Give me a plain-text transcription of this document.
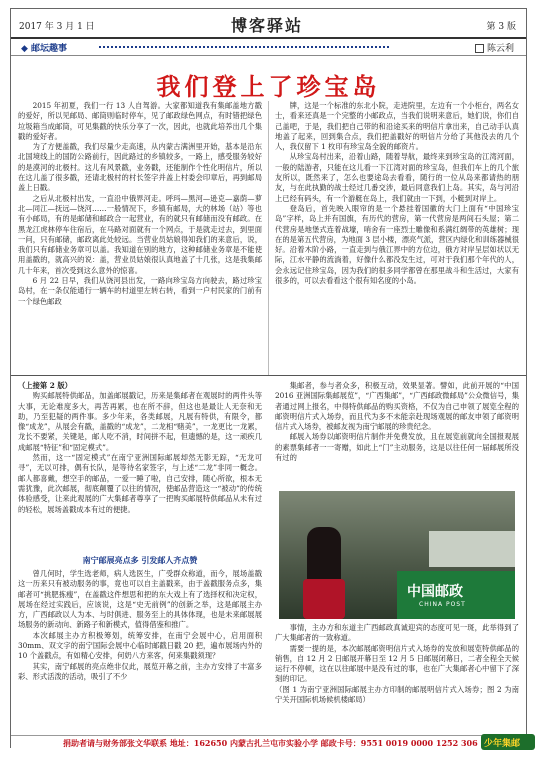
2017 年 3 月 1 日	博客驿站	第 3 版
◆ 邮坛趣事	陈云利
我们登上了珍宝岛

2015 年初夏，我们一行 13 人自驾游。大家都知道我有集邮盖地方戳的爱好，所以见邮局、邮筒则临时停车，见了邮政绿色网点，有时错把绿色垃圾箱当成邮筒，可见集戳的快乐分享了一次，因此，也就此培养出几个集戳的爱好者。

为了方便盖戳，我们尽量少走高速，从内蒙古满洲里开始，基本是沿东北国境线上的国防公路前行，因此路过的乡镇较多，一路上，感受服务较好的是漠河的北极村。这儿有风景戳，业务戳，还能制作个性化明信片，所以在这儿盖了很多戳，还请北极村的村长签字并盖上村委会印章后，再到邮局盖上日戳。

之后从北极村出发，一直沿中俄界河走。呼玛—黑河—逊克—嘉荫—萝北—同江—抚远—饶河……一般情况下，乡镇有邮局，大的林场（站）等也有小邮局，有的是邮储和邮政合一起营业，有的就只有邮储而没有邮政。在黑龙江虎林停车住宿后，在马路对面就有一个网点，于是就走过去，到里面一问，只有邮储，邮政离此处较远。当营业员姑娘得知我们的来意后，说，我们只有邮储业务章可以盖。我知道在别的地方，这种邮储业务章是不能使用盖戳的，就高兴的说：盖，营业员姑娘很认真地盖了十几张，这是我集邮几十年来，首次受到这么意外的惊喜。

6 月 22 日早，我们从饶河县出发，一路向珍宝岛方向驶去，路过珍宝岛村，在一条仅能通行一辆车的村道里左转右转，看到一户村民家的门前有一个绿色邮政

牌，这是一个标准的东北小院，走进院里，左边有一个小柜台，两名女士，看来还真是一个完整的小邮政点，当我们说明来意后，她们说，你们自己盖吧，于是，我们把自己带的和沿途买来的明信片拿出来，自己动手认真地盖了起来，回到集合点，我们把盖戳好的明信片分给了其他没去的几个人，我仅留下 1 枚印有珍宝岛全貌的邮资片。

从珍宝岛村出来，沿着山路，随着导航，最终来到珍宝岛的江湾河面，一般的陆游者，只能在这儿看一下江湾对面的珍宝岛，但我们车上的几个旅友所以，既然来了，怎么也要途岛去看看，随行的一位从岛来都请热的朋友，与在此执勤的战士经过几番交涉，最后同意我们上岛。其实，岛与河沿上已经有码头，有一个游艇在岛上，我们就由一下到，小艇到对岸上。

登岛后，首先映入眼帘的是一个悬挂着国徽的大门上面有“中国珍宝岛”字样，岛上并有国旗，有历代的营房，第一代营房是两间石头屋；第二代营房是地堡式连着战壕，哨舍有一座烈士雕像和系满红绸带的英雄树；现在的是第五代营房，为地面 3 层小楼，漂亮气派，营区内绿化和训练器械很好。沿着木阶小路，一直走到与俄江界中的方位边，俄方对岸呈层如状以无际，江水平静的流淌着，好像什么都没发生过，可对于我们那个年代的人，会永远记住珍宝岛，因为我们的很多同学都曾在那里战斗和生活过，大家有很多的，可以去看看这个很有知名度的小岛。

（上接第 2 版）

购买邮展特供邮品，加盖邮展戳记，历来是集邮者在观展时的两件头等大事，无论难度多大，再苦再累，也在所不辞，但这也是最让人无奈和无助，乃至犯疑的两件事。多少年来，各类邮展，凡展有特供，有限令，都像“成龙”，从展会有戳，盖戳的“成龙”，二龙相“赌美”，一龙更比一龙累，龙长不要紧，关键是，邮人吃不消，时间拼不起，但遗憾的是，这一顽疾几成邮展“特征”和“固定模式”。

然而，这一“固定模式”在南宁亚洲国际邮展却然无影无踪，“无龙可寻”，无以可排，偶有长队，是等待名家签字，与上述“二龙”非同一概念。邮人都喜戴，想空手的邮品，一爱一睡了啦，自己安排，随心所欲，根本无需犹豫，此次邮展，彻底颠覆了以往的情况，使邮品营造这一“被动”的传统体验感受，让来此观展的广大集邮者尊享了一把购买邮展特供邮品从未有过的轻松，展场盖戳成本有过的便捷。

南宁邮展亮点多 引发邮人齐点赞

曾几何时，学生选老师，病人选医生，广受群众称道，而今，展场盖戳这一历来只有被动服务的事，竟也可以自主盖戳来，由于盖戳服务点多，集邮者可“挑肥拣瘦”，在盖戳这件想思和把的东大戏上有了选择权和决定权，展场在经过实践后，应该说，这是“史无前例”的创新之举，这是邮展主办方，广西邮政以人为本、与时俱进、服务至上的具体体现，也是未来邮展展场服务的新动向、新路子和新模式，值得借鉴和推广。

本次邮展主办方积极筹划，统筹安排，在南宁会展中心，启用面积 30mm、双文字的南宁国际会展中心临时邮戳日戳 20 把，遍布展场内外的 10 个盖戳点，有如精心安排，何奶八方来客，何来集戳须现？

其实，南宁邮展的亮点绝非仅此，展览开幕之前，主办方安排了丰富多彩、形式活泼的活动，吸引了不少

集邮者，参与者众多，积极互动，效果显著。譬如，此前开展的“中国 2016 亚洲国际集邮展览”，“广西集邮”，“广西邮政微邮局”公众微信号，集者通过网上报名，中得特供邮品的购买资格，不仅为自己申领了展览全程的邮资明信片式入场券，而且代为多不未能亲赴现场观展的邮友申领了邮资明信片式入场券，被邮友视为南宁邮展的珍贵纪念。

邮展入场券以邮资明信片制作并免费发放，且在展览前就向全国报观展的素票集邮者一一寄赠，如此上“门”主动服务，这是以往任何一届邮展所没有过的

中国邮政
CHINA POST

事情，主办方和东道主广西邮政真诚迎宾的态度可见一斑，此举得到了广大集邮者的一致称道。

需要一提的是，本次邮展邮资明信片式入场券的发放和展览特供邮品的销售，自 12 月 2 日邮展开幕日至 12 月 5 日邮展闭幕日，二者全程全天候运行不停顿，这在以往邮展中是没有过的事，也在广大集邮者心中留下了深刻的印记。

（图 1 为南宁亚洲国际邮展主办方印制的邮展明信片式入场券；图 2 为南宁关开国际机场候机楼邮局）

捐助者请与财务部张文华联系 地址：162650 内蒙古扎兰屯市实验小学 邮政卡号：9551 0019 0000 1252 306 少年集邮
